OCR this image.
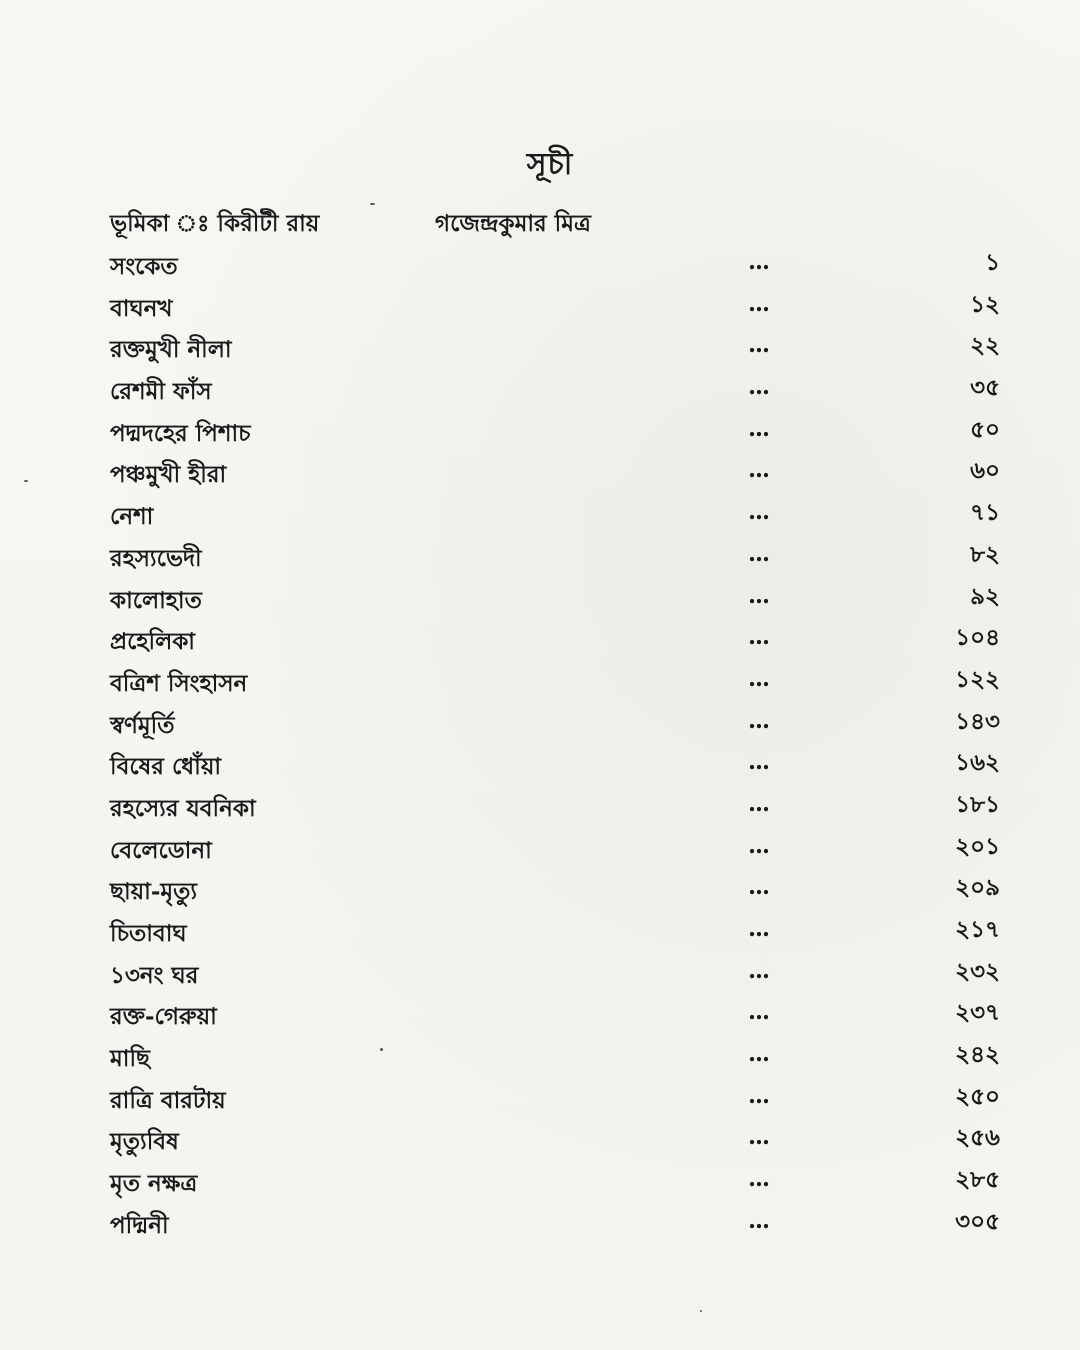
সূচী
ভূমিকা ঃ কিরীটী রায়	গজেন্দ্রকুমার মিত্র
সংকেত	...	১
বাঘনখ	...	১২
রক্তমুখী নীলা	...	২২
রেশমী ফাঁস	...	৩৫
পদ্মদহের পিশাচ	...	৫০
পঞ্চমুখী হীরা	...	৬০
নেশা	...	৭১
রহস্যভেদী	...	৮২
কালোহাত	...	৯২
প্রহেলিকা	...	১০৪
বত্রিশ সিংহাসন	...	১২২
স্বর্ণমূর্তি	...	১৪৩
বিষের ধোঁয়া	...	১৬২
রহস্যের যবনিকা	...	১৮১
বেলেডোনা	...	২০১
ছায়া-মৃত্যু	...	২০৯
চিতাবাঘ	...	২১৭
১৩নং ঘর	...	২৩২
রক্ত-গেরুয়া	...	২৩৭
মাছি	...	২৪২
রাত্রি বারটায়	...	২৫০
মৃত্যুবিষ	...	২৫৬
মৃত নক্ষত্র	...	২৮৫
পদ্মিনী	...	৩০৫
